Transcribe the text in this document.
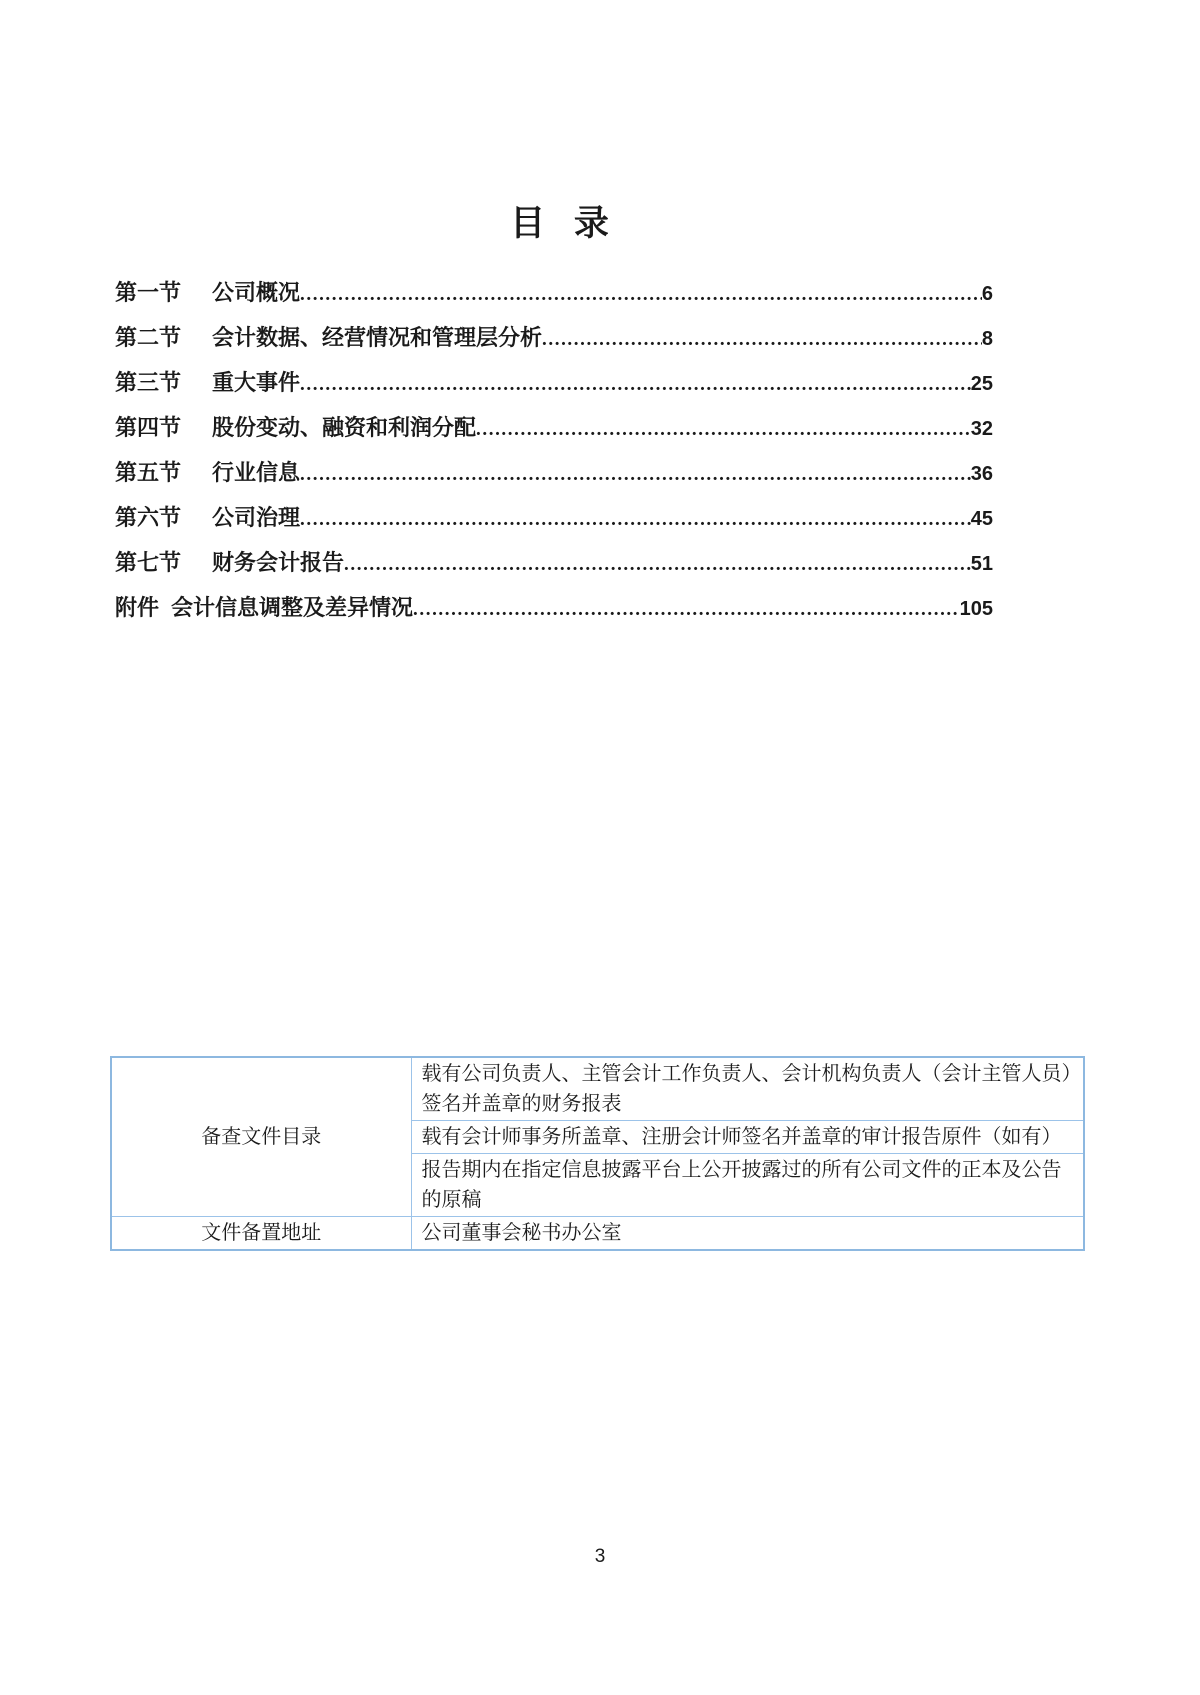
目 录
第一节	公司概况 .....	6
第二节	会计数据、经营情况和管理层分析 .....	8
第三节	重大事件 .....	25
第四节	股份变动、融资和利润分配 .....	32
第五节	行业信息 .....	36
第六节	公司治理 .....	45
第七节	财务会计报告 .....	51
附件 会计信息调整及差异情况 .....	105
备查文件目录	载有公司负责人、主管会计工作负责人、会计机构负责人（会计主管人员）签名并盖章的财务报表
	载有会计师事务所盖章、注册会计师签名并盖章的审计报告原件（如有）
	报告期内在指定信息披露平台上公开披露过的所有公司文件的正本及公告的原稿
文件备置地址	公司董事会秘书办公室
3
